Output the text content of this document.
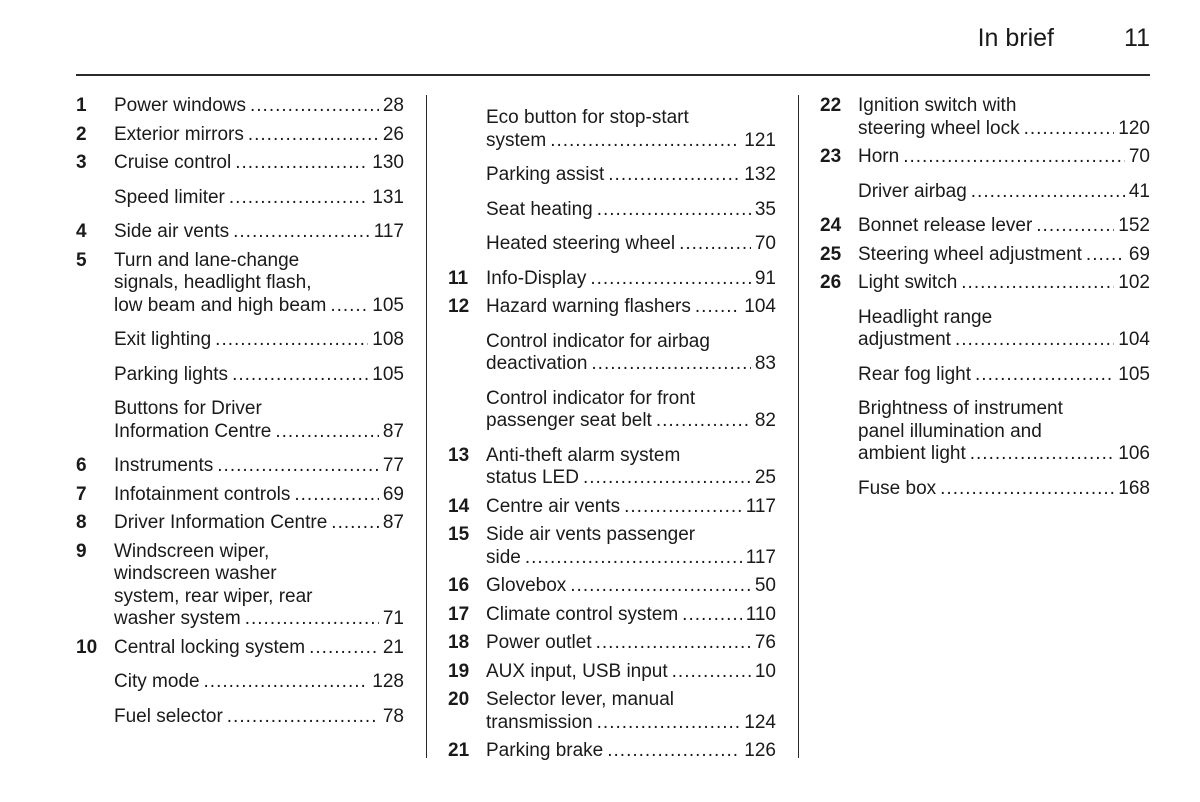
In brief	11
1	Power windows .....	28
2	Exterior mirrors .....	26
3	Cruise control .....	130
Speed limiter .....	131
4	Side air vents .....	117
5	Turn and lane-change
signals, headlight flash,
low beam and high beam ..... 105
Exit lighting .....	108
Parking lights .....	105
Buttons for Driver
Information Centre .....	87
6	Instruments .....	77
7	Infotainment controls .....	69
8	Driver Information Centre .....	87
9	Windscreen wiper,
windscreen washer
system, rear wiper, rear
washer system .....	71
10 Central locking system .....	21
City mode .....	128
Fuel selector .....	78
Eco button for stop-start
system .....	121
Parking assist .....	132
Seat heating .....	35
Heated steering wheel .....	70
11 Info-Display .....	91
12 Hazard warning flashers .....	104
Control indicator for airbag
deactivation .....	83
Control indicator for front
passenger seat belt .....	82
13 Anti-theft alarm system
status LED .....	25
14 Centre air vents .....	117
15 Side air vents passenger
side .....	117
16 Glovebox .....	50
17 Climate control system .....	110
18 Power outlet .....	76
19 AUX input, USB input .....	10
20 Selector lever, manual
transmission .....	124
21 Parking brake .....	126
22 Ignition switch with
steering wheel lock .....	120
23 Horn .....	70
Driver airbag .....	41
24 Bonnet release lever .....	152
25 Steering wheel adjustment ..... 69
26 Light switch .....	102
Headlight range
adjustment .....	104
Rear fog light .....	105
Brightness of instrument
panel illumination and
ambient light .....	106
Fuse box .....	168
